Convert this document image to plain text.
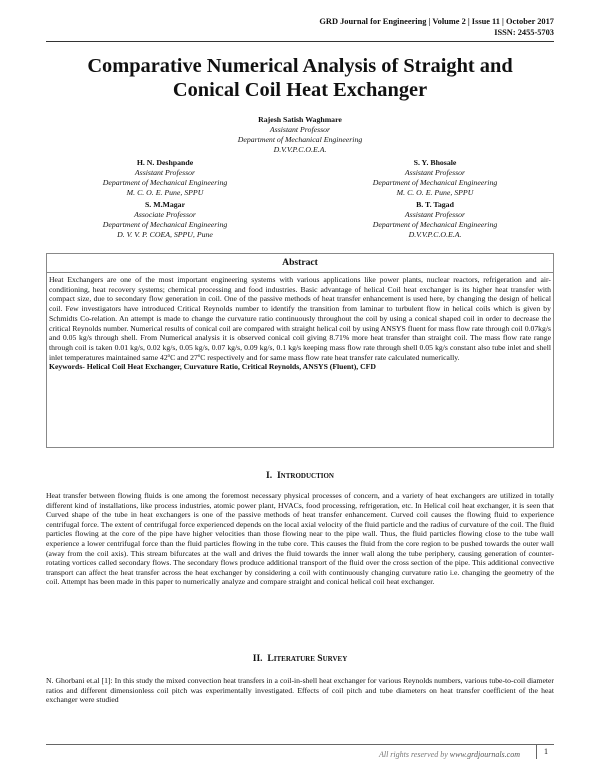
GRD Journal for Engineering | Volume 2 | Issue 11 | October 2017
ISSN: 2455-5703
Comparative Numerical Analysis of Straight and
Conical Coil Heat Exchanger
Rajesh Satish Waghmare
Assistant Professor
Department of Mechanical Engineering
D.V.V.P.C.O.E.A.
H. N. Deshpande
Assistant Professor
Department of Mechanical Engineering
M. C. O. E. Pune, SPPU
S. Y. Bhosale
Assistant Professor
Department of Mechanical Engineering
M. C. O. E. Pune, SPPU
S. M.Magar
Associate Professor
Department of Mechanical Engineering
D. V. V. P. COEA, SPPU, Pune
B. T. Tagad
Assistant Professor
Department of Mechanical Engineering
D.V.V.P.C.O.E.A.
Abstract
Heat Exchangers are one of the most important engineering systems with various applications like power plants, nuclear reactors, refrigeration and air-conditioning, heat recovery systems; chemical processing and food industries. Basic advantage of helical Coil heat exchanger is its higher heat transfer with compact size, due to secondary flow generation in coil. One of the passive methods of heat transfer enhancement is used here, by changing the design of helical coil. Few investigators have introduced Critical Reynolds number to identify the transition from laminar to turbulent flow in helical coils which is given by Schmidts Co-relation. An attempt is made to change the curvature ratio continuously throughout the coil by using a conical shaped coil in order to decrease the critical Reynolds number. Numerical results of conical coil are compared with straight helical coil by using ANSYS fluent for mass flow rate through coil 0.07kg/s and 0.05 kg/s through shell. From Numerical analysis it is observed conical coil giving 8.71% more heat transfer than straight coil. The mass flow rate range through coil is taken 0.01 kg/s, 0.02 kg/s, 0.05 kg/s, 0.07 kg/s, 0.09 kg/s, 0.1 kg/s keeping mass flow rate through shell 0.05 kg/s constant also tube inlet and shell inlet temperatures maintained same 42ºC and 27ºC respectively and for same mass flow rate heat transfer rate calculated numerically.
Keywords- Helical Coil Heat Exchanger, Curvature Ratio, Critical Reynolds, ANSYS (Fluent), CFD
I. Introduction
Heat transfer between flowing fluids is one among the foremost necessary physical processes of concern, and a variety of heat exchangers are utilized in totally different kind of installations, like process industries, atomic power plant, HVACs, food processing, refrigeration, etc. In Helical coil heat exchanger, it is seen that Curved shape of the tube in heat exchangers is one of the passive methods of heat transfer enhancement. Curved coil causes the flowing fluid to experience centrifugal force. The extent of centrifugal force experienced depends on the local axial velocity of the fluid particle and the radius of curvature of the coil. The fluid particles flowing at the core of the pipe have higher velocities than those flowing near to the pipe wall. Thus, the fluid particles flowing close to the tube wall experience a lower centrifugal force than the fluid particles flowing in the tube core. This causes the fluid from the core region to be pushed towards the outer wall (away from the coil axis). This stream bifurcates at the wall and drives the fluid towards the inner wall along the tube periphery, causing generation of counter-rotating vortices called secondary flows. The secondary flows produce additional transport of the fluid over the cross section of the pipe. This additional convective transport can affect the heat transfer across the heat exchanger by considering a coil with continuously changing curvature ratio i.e. changing the geometry of the coil. Attempt has been made in this paper to numerically analyze and compare straight and conical helical coil heat exchanger.
II. Literature Survey
N. Ghorbani et.al [1]: In this study the mixed convection heat transfers in a coil-in-shell heat exchanger for various Reynolds numbers, various tube-to-coil diameter ratios and different dimensionless coil pitch was experimentally investigated. Effects of coil pitch and tube diameters on heat transfer coefficient of the heat exchanger were studied
All rights reserved by www.grdjournals.com	1
